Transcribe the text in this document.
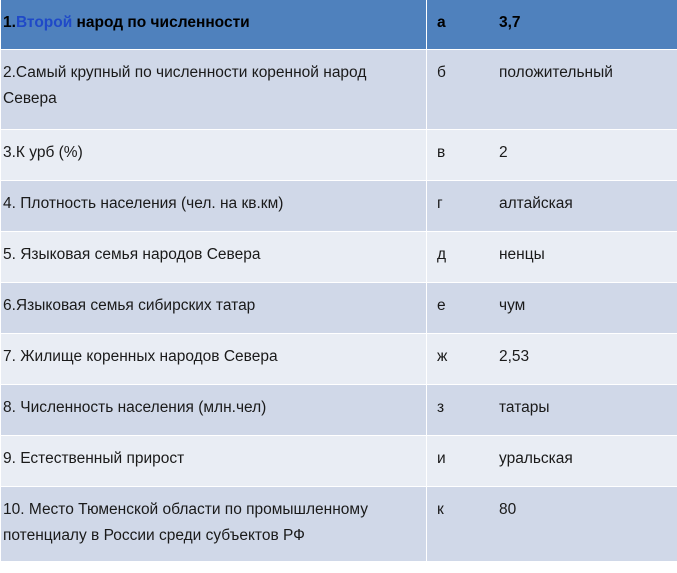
1.Второй народ по численности	а 3,7
2.Самый крупный по численности коренной народ Севера	б положительный
3.К урб (%)	в 2
4. Плотность населения (чел. на кв.км)	г алтайская
5. Языковая семья народов Севера	д ненцы
6.Языковая семья сибирских татар	е чум
7. Жилище коренных народов Севера	ж 2,53
8. Численность населения (млн.чел)	з татары
9. Естественный прирост	и уральская
10. Место Тюменской области по промышленному потенциалу в России среди субъектов РФ	к 80
